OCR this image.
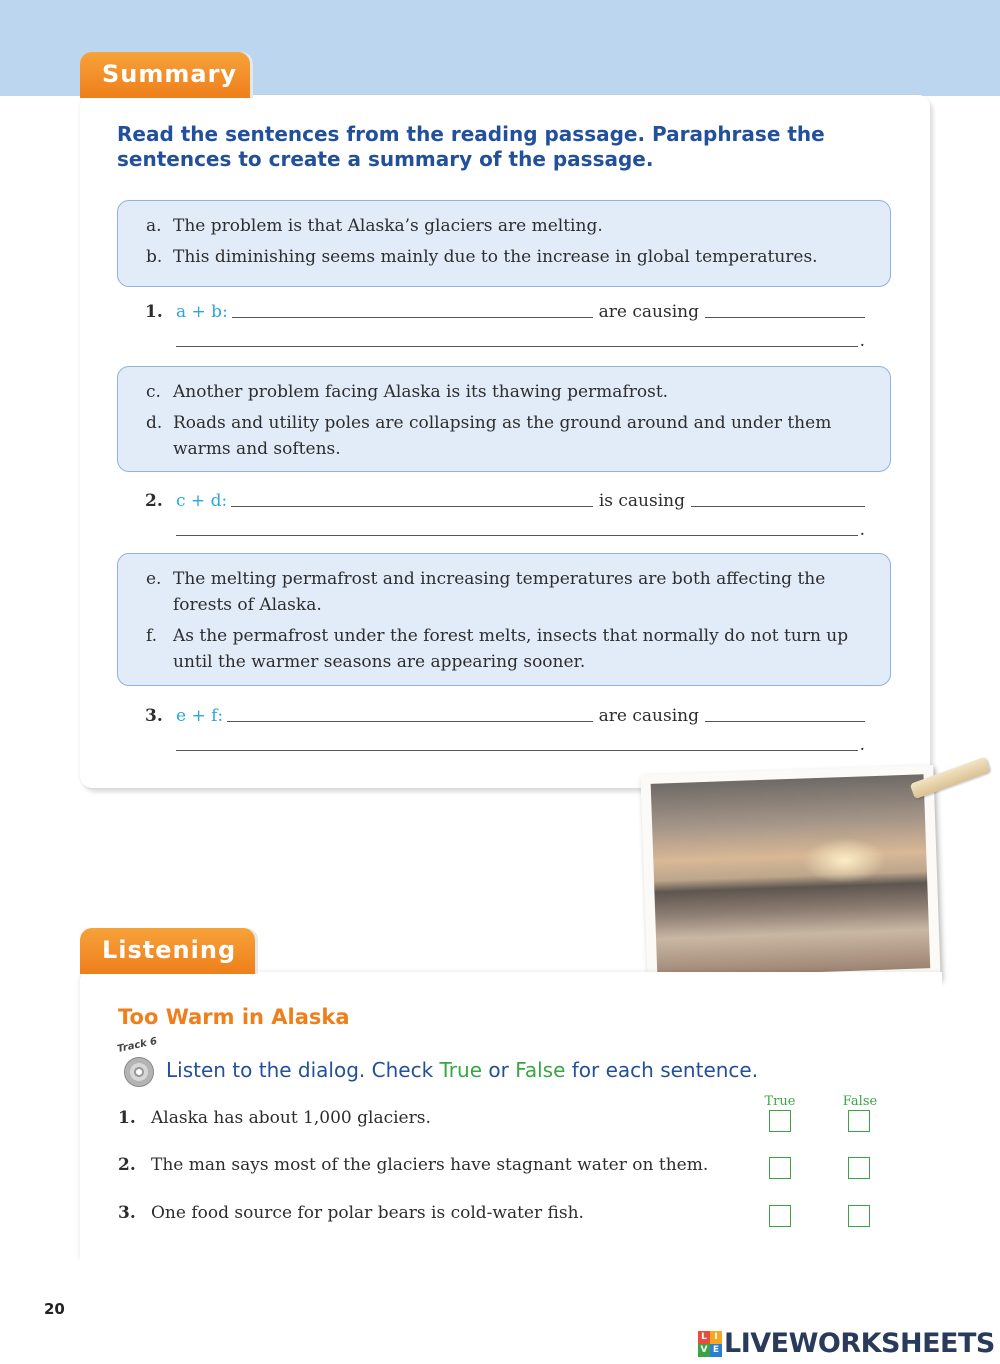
Summary
Read the sentences from the reading passage. Paraphrase the sentences to create a summary of the passage.
a. The problem is that Alaska’s glaciers are melting.
b. This diminishing seems mainly due to the increase in global temperatures.
1. a + b:	are causing
.
c. Another problem facing Alaska is its thawing permafrost.
d. Roads and utility poles are collapsing as the ground around and under them warms and softens.
2. c + d:	is causing
.
e. The melting permafrost and increasing temperatures are both affecting the forests of Alaska.
f. As the permafrost under the forest melts, insects that normally do not turn up until the warmer seasons are appearing sooner.
3. e + f:	are causing
.
Listening
Too Warm in Alaska
Track 6
Listen to the dialog. Check True or False for each sentence.
True	False
1. Alaska has about 1,000 glaciers.
2. The man says most of the glaciers have stagnant water on them.
3. One food source for polar bears is cold-water fish.
20
L I
V E LIVEWORKSHEETS
